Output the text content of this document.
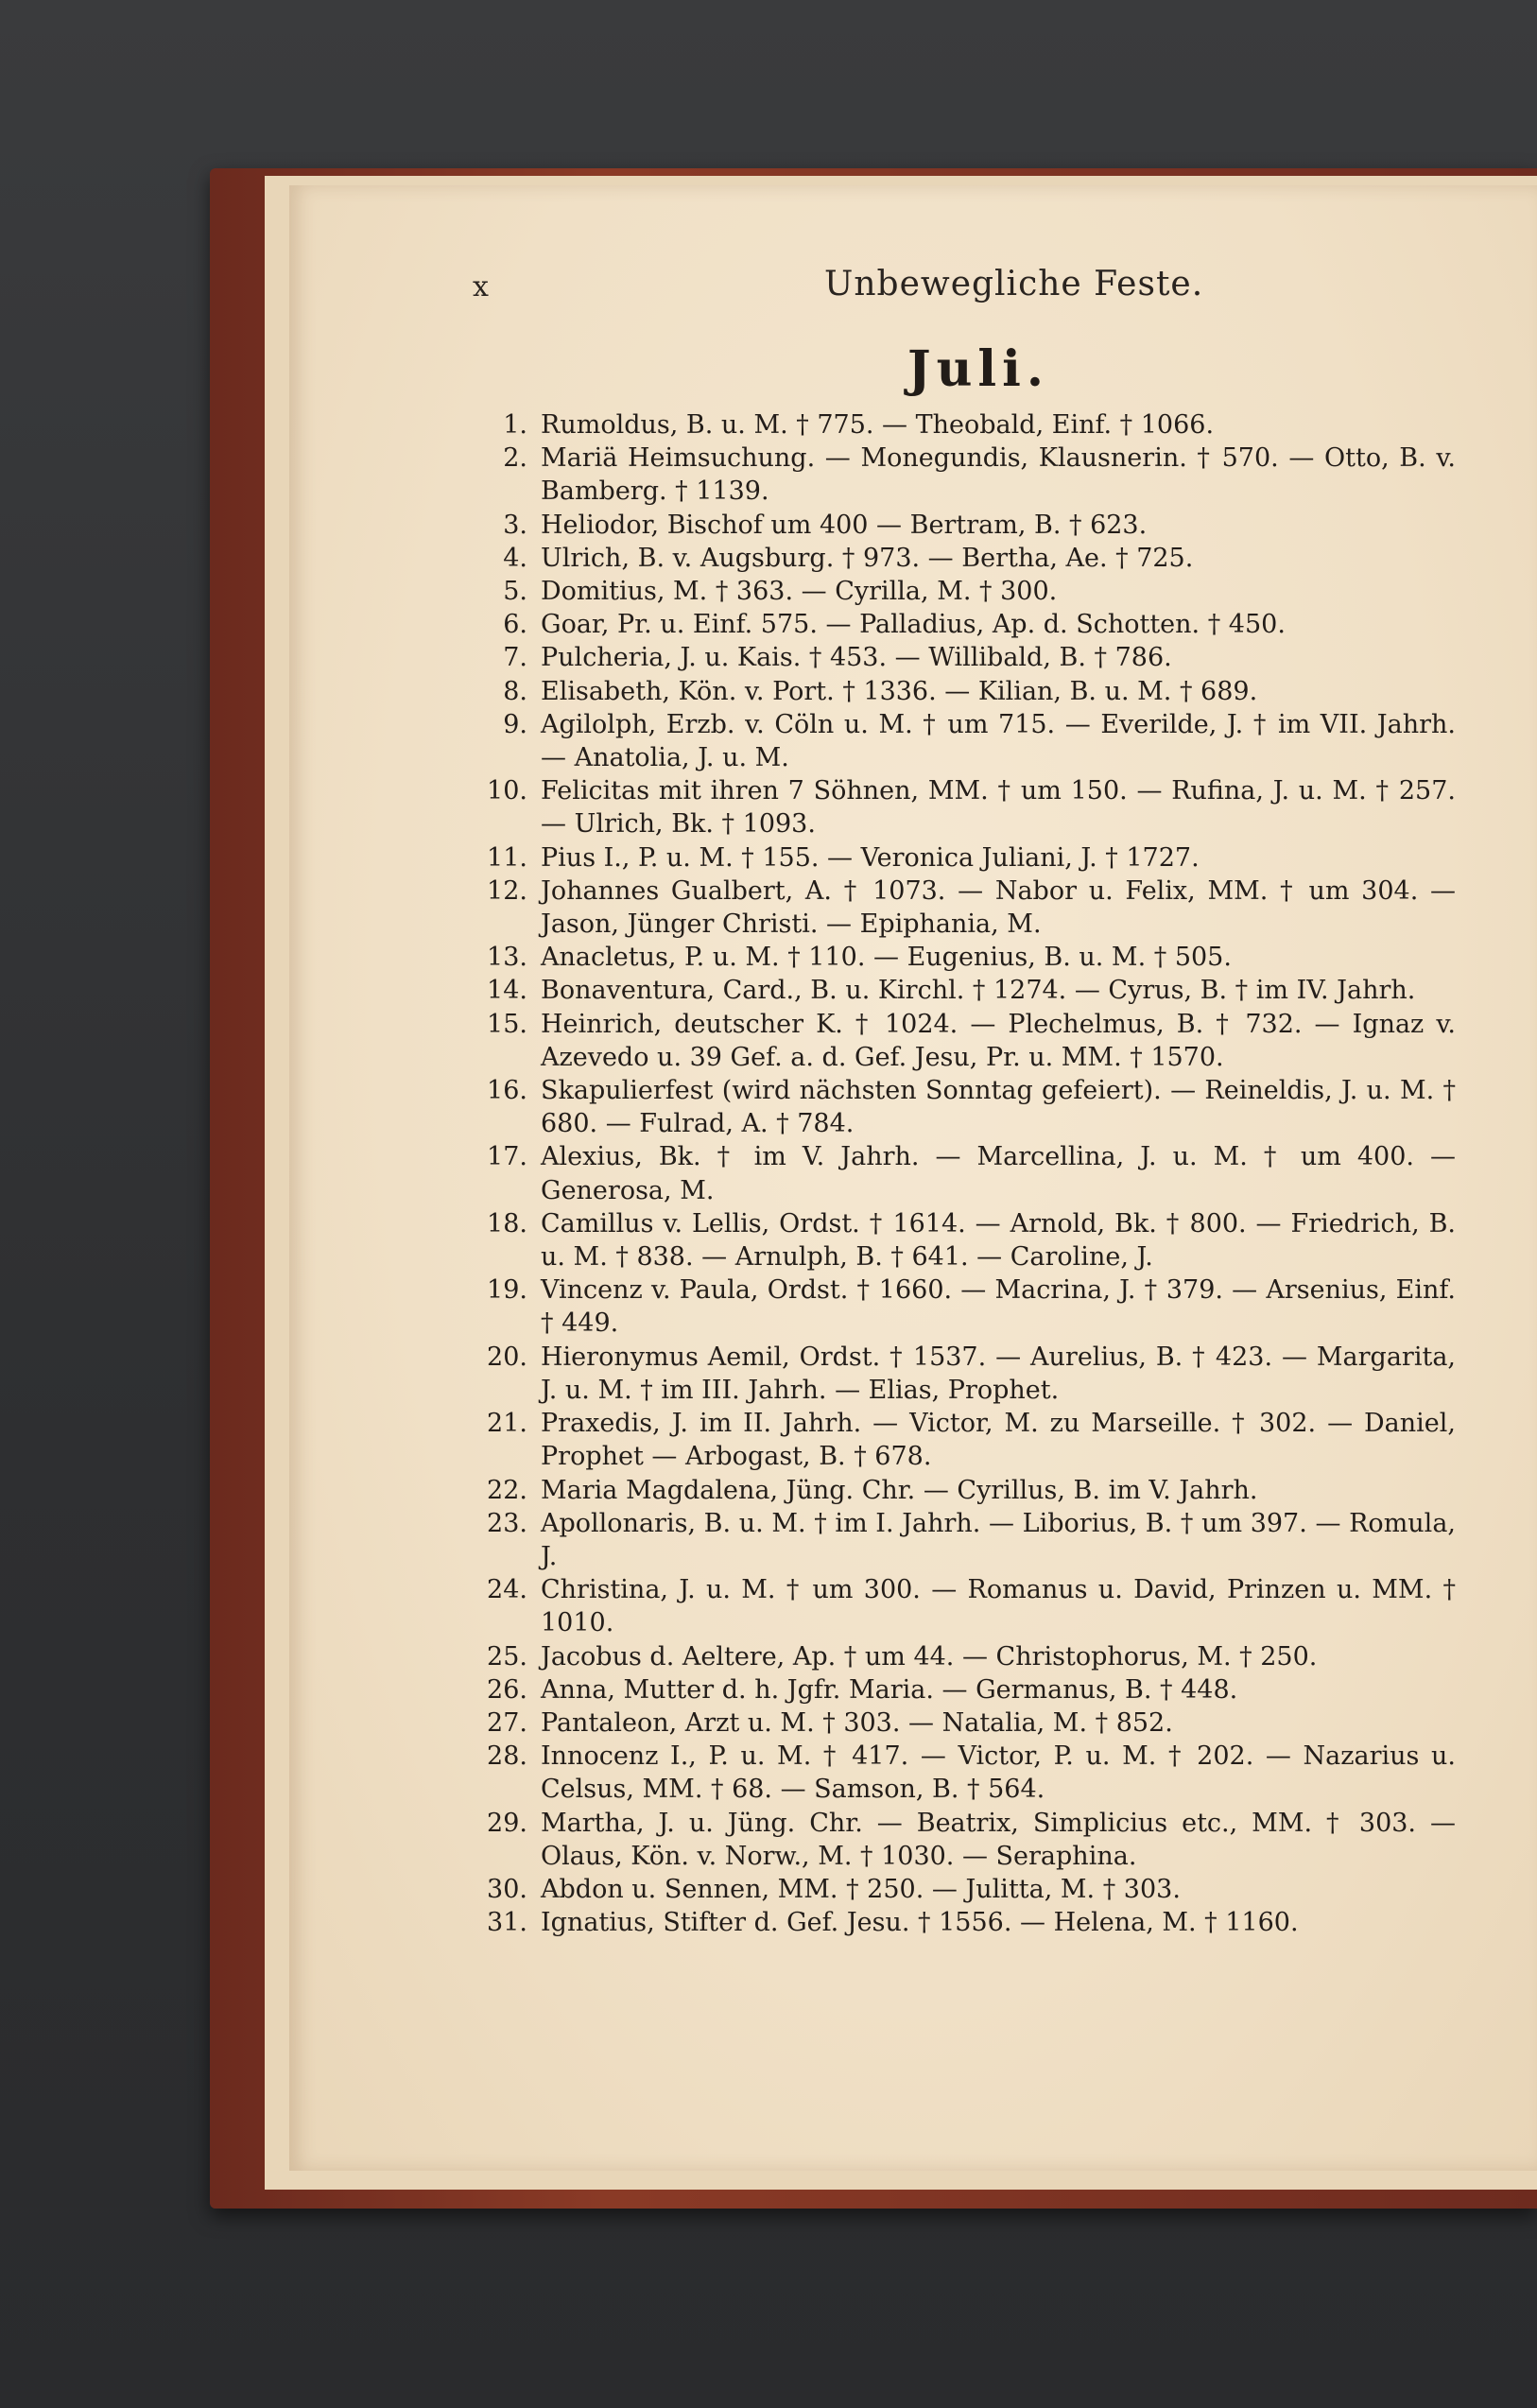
x	Unbewegliche Feste.
Juli.
1. Rumoldus, B. u. M. † 775. — Theobald, Einf. † 1066.
2. Mariä Heimsuchung. — Monegundis, Klausnerin. † 570. — Otto, B. v. Bamberg. † 1139.
3. Heliodor, Bischof um 400 — Bertram, B. † 623.
4. Ulrich, B. v. Augsburg. † 973. — Bertha, Ae. † 725.
5. Domitius, M. † 363. — Cyrilla, M. † 300.
6. Goar, Pr. u. Einf. 575. — Palladius, Ap. d. Schotten. † 450.
7. Pulcheria, J. u. Kais. † 453. — Willibald, B. † 786.
8. Elisabeth, Kön. v. Port. † 1336. — Kilian, B. u. M. † 689.
9. Agilolph, Erzb. v. Cöln u. M. † um 715. — Everilde, J. † im VII. Jahrh. — Anatolia, J. u. M.
10. Felicitas mit ihren 7 Söhnen, MM. † um 150. — Rufina, J. u. M. † 257. — Ulrich, Bk. † 1093.
11. Pius I., P. u. M. † 155. — Veronica Juliani, J. † 1727.
12. Johannes Gualbert, A. † 1073. — Nabor u. Felix, MM. † um 304. — Jason, Jünger Christi. — Epiphania, M.
13. Anacletus, P. u. M. † 110. — Eugenius, B. u. M. † 505.
14. Bonaventura, Card., B. u. Kirchl. † 1274. — Cyrus, B. † im IV. Jahrh.
15. Heinrich, deutscher K. † 1024. — Plechelmus, B. † 732. — Ignaz v. Azevedo u. 39 Gef. a. d. Gef. Jesu, Pr. u. MM. † 1570.
16. Skapulierfest (wird nächsten Sonntag gefeiert). — Reineldis, J. u. M. † 680. — Fulrad, A. † 784.
17. Alexius, Bk. † im V. Jahrh. — Marcellina, J. u. M. † um 400. — Generosa, M.
18. Camillus v. Lellis, Ordst. † 1614. — Arnold, Bk. † 800. — Friedrich, B. u. M. † 838. — Arnulph, B. † 641. — Caroline, J.
19. Vincenz v. Paula, Ordst. † 1660. — Macrina, J. † 379. — Arsenius, Einf. † 449.
20. Hieronymus Aemil, Ordst. † 1537. — Aurelius, B. † 423. — Margarita, J. u. M. † im III. Jahrh. — Elias, Prophet.
21. Praxedis, J. im II. Jahrh. — Victor, M. zu Marseille. † 302. — Daniel, Prophet — Arbogast, B. † 678.
22. Maria Magdalena, Jüng. Chr. — Cyrillus, B. im V. Jahrh.
23. Apollonaris, B. u. M. † im I. Jahrh. — Liborius, B. † um 397. — Romula, J.
24. Christina, J. u. M. † um 300. — Romanus u. David, Prinzen u. MM. † 1010.
25. Jacobus d. Aeltere, Ap. † um 44. — Christophorus, M. † 250.
26. Anna, Mutter d. h. Jgfr. Maria. — Germanus, B. † 448.
27. Pantaleon, Arzt u. M. † 303. — Natalia, M. † 852.
28. Innocenz I., P. u. M. † 417. — Victor, P. u. M. † 202. — Nazarius u. Celsus, MM. † 68. — Samson, B. † 564.
29. Martha, J. u. Jüng. Chr. — Beatrix, Simplicius etc., MM. † 303. — Olaus, Kön. v. Norw., M. † 1030. — Seraphina.
30. Abdon u. Sennen, MM. † 250. — Julitta, M. † 303.
31. Ignatius, Stifter d. Gef. Jesu. † 1556. — Helena, M. † 1160.
